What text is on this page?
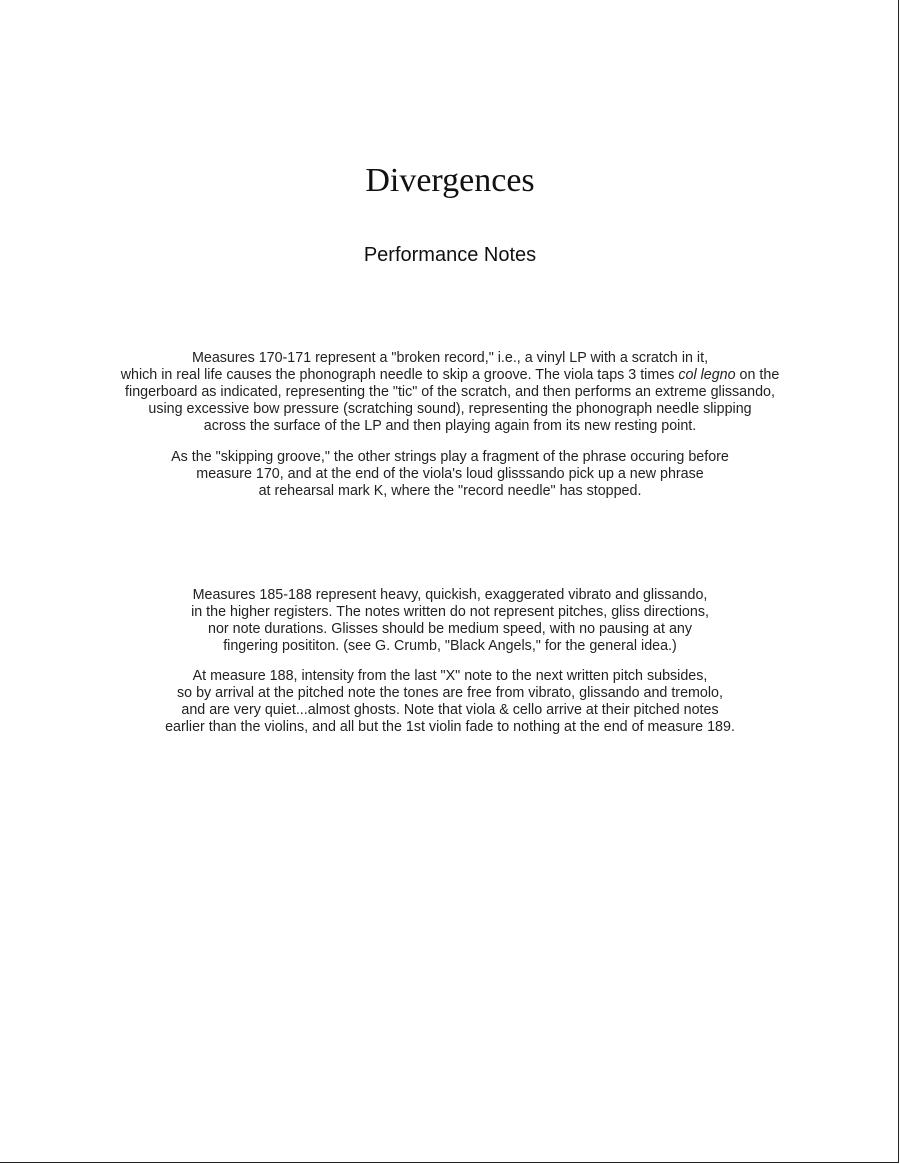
Divergences
Performance Notes
Measures 170-171 represent a "broken record," i.e., a vinyl LP with a scratch in it,
which in real life causes the phonograph needle to skip a groove. The viola taps 3 times col legno on the
fingerboard as indicated, representing the "tic" of the scratch, and then performs an extreme glissando,
using excessive bow pressure (scratching sound), representing the phonograph needle slipping
across the surface of the LP and then playing again from its new resting point.
As the "skipping groove," the other strings play a fragment of the phrase occuring before
measure 170, and at the end of the viola's loud glisssando pick up a new phrase
at rehearsal mark K, where the "record needle" has stopped.
Measures 185-188 represent heavy, quickish, exaggerated vibrato and glissando,
in the higher registers. The notes written do not represent pitches, gliss directions,
nor note durations. Glisses should be medium speed, with no pausing at any
fingering posititon. (see G. Crumb, "Black Angels," for the general idea.)
At measure 188, intensity from the last "X" note to the next written pitch subsides,
so by arrival at the pitched note the tones are free from vibrato, glissando and tremolo,
and are very quiet...almost ghosts. Note that viola & cello arrive at their pitched notes
earlier than the violins, and all but the 1st violin fade to nothing at the end of measure 189.
